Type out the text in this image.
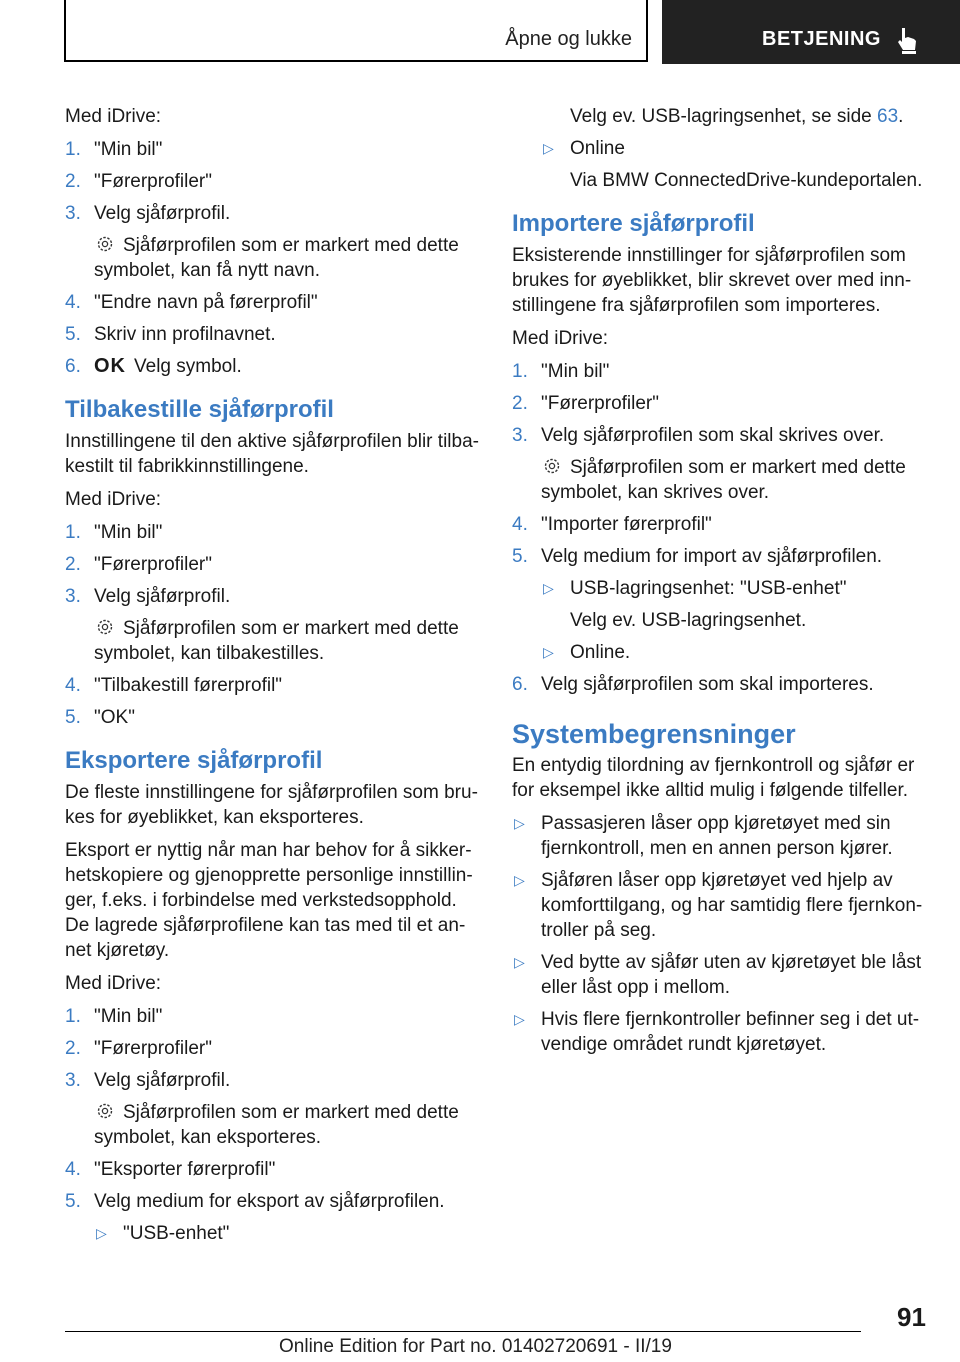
Åpne og lukke	BETJENING

Med iDrive:

1. "Min bil"
2. "Førerprofiler"
3. Velg sjåførprofil.
Sjåførprofilen som er markert med dette symbolet, kan få nytt navn.
4. "Endre navn på førerprofil"
5. Skriv inn profilnavnet.
6. OK Velg symbol.
Tilbakestille sjåførprofil

Innstillingene til den aktive sjåførprofilen blir tilbakestilt til fabrikkinnstillingene.

Med iDrive:

1. "Min bil"
2. "Førerprofiler"
3. Velg sjåførprofil.
Sjåførprofilen som er markert med dette symbolet, kan tilbakestilles.
4. "Tilbakestill førerprofil"
5. "OK"
Eksportere sjåførprofil

De fleste innstillingene for sjåførprofilen som brukes for øyeblikket, kan eksporteres.

Eksport er nyttig når man har behov for å sikkerhetskopiere og gjenopprette personlige innstillinger, f.eks. i forbindelse med verkstedsopphold. De lagrede sjåførprofilene kan tas med til et annet kjøretøy.

Med iDrive:

1. "Min bil"
2. "Førerprofiler"
3. Velg sjåførprofil.
Sjåførprofilen som er markert med dette symbolet, kan eksporteres.
4. "Eksporter førerprofil"
5. Velg medium for eksport av sjåførprofilen.
▷ "USB-enhet"
Velg ev. USB-lagringsenhet, se side 63.
▷ Online
Via BMW ConnectedDrive-kundeportalen.
Importere sjåførprofil

Eksisterende innstillinger for sjåførprofilen som brukes for øyeblikket, blir skrevet over med innstillingene fra sjåførprofilen som importeres.

Med iDrive:

1. "Min bil"
2. "Førerprofiler"
3. Velg sjåførprofilen som skal skrives over.
Sjåførprofilen som er markert med dette symbolet, kan skrives over.
4. "Importer førerprofil"
5. Velg medium for import av sjåførprofilen.
▷ USB-lagringsenhet: "USB-enhet"
Velg ev. USB-lagringsenhet.
▷ Online.
6. Velg sjåførprofilen som skal importeres.
Systembegrensninger

En entydig tilordning av fjernkontroll og sjåfør er for eksempel ikke alltid mulig i følgende tilfeller.

▷ Passasjeren låser opp kjøretøyet med sin fjernkontroll, men en annen person kjører.
▷ Sjåføren låser opp kjøretøyet ved hjelp av komforttilgang, og har samtidig flere fjernkontroller på seg.
▷ Ved bytte av sjåfør uten av kjøretøyet ble låst eller låst opp i mellom.
▷ Hvis flere fjernkontroller befinner seg i det utvendige området rundt kjøretøyet.
91
Online Edition for Part no. 01402720691 - II/19
